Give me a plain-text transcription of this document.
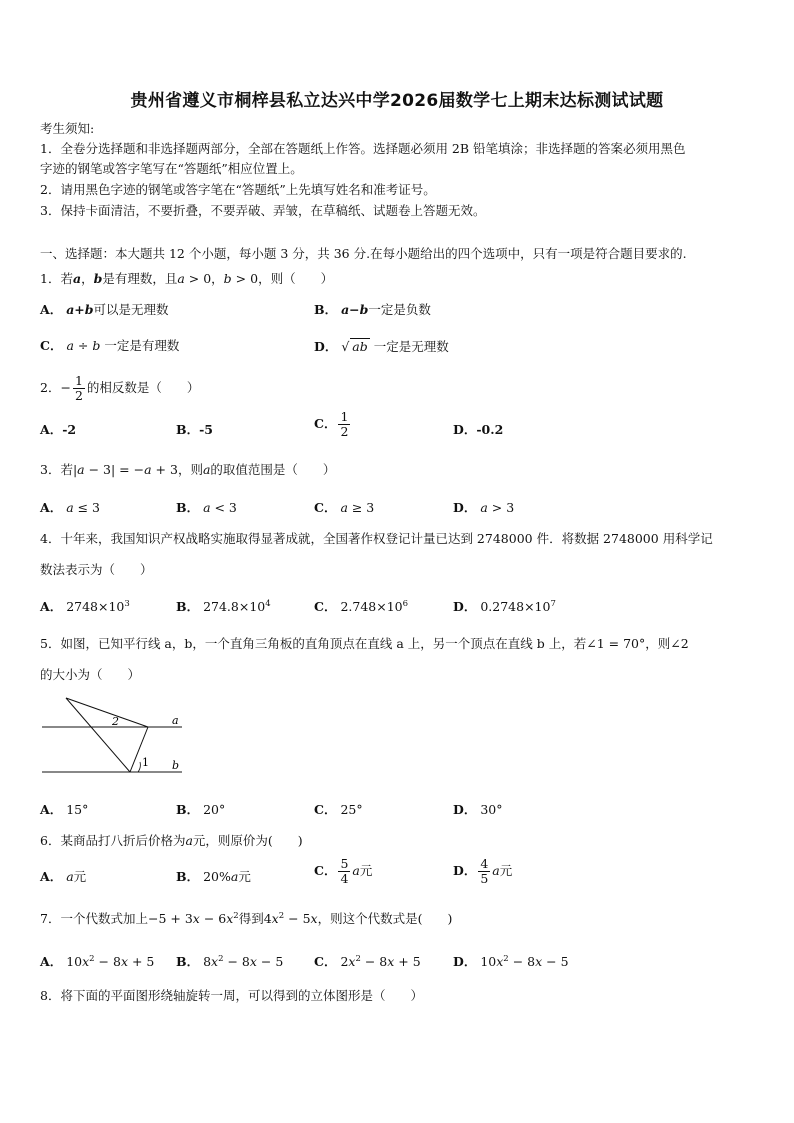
贵州省遵义市桐梓县私立达兴中学2026届数学七上期末达标测试试题
考生须知:
1．全卷分选择题和非选择题两部分，全部在答题纸上作答。选择题必须用 2B 铅笔填涂；非选择题的答案必须用黑色
字迹的钢笔或答字笔写在“答题纸”相应位置上。
2．请用黑色字迹的钢笔或答字笔在“答题纸”上先填写姓名和准考证号。
3．保持卡面清洁，不要折叠，不要弄破、弄皱，在草稿纸、试题卷上答题无效。
一、选择题：本大题共 12 个小题，每小题 3 分，共 36 分.在每小题给出的四个选项中，只有一项是符合题目要求的.
1．若a，b是有理数，且a > 0，b > 0，则（　　）
A． a+b可以是无理数	B． a−b一定是负数
C． a ÷ b 一定是有理数	D． √ ab 一定是无理数
2．− $\frac{1}{2}$ 的相反数是（　　）
A．-2	B．-5	C． $\frac{1}{2}$	D．-0.2
3．若|a − 3| = −a + 3，则a的取值范围是（　　）
A． a ≤ 3	B． a < 3	C． a ≥ 3	D． a > 3
4．十年来，我国知识产权战略实施取得显著成就，全国著作权登记计量已达到 2748000 件．将数据 2748000 用科学记
数法表示为（　　）
A． $2748\times 10^3$	B． $274.8\times 10^4$	C． $2.748\times 10^6$	D． $0.2748\times 10^7$
5．如图，已知平行线 a，b，一个直角三角板的直角顶点在直线 a 上，另一个顶点在直线 b 上，若∠1 = 70°，则∠2
的大小为（　　）
2
1
a
b
A． 15°	B． 20°	C． 25°	D． 30°
6．某商品打八折后价格为a元，则原价为(　　)
A． a元	B． 20%a元	C． $\frac{5}{4}$ a元	D． $\frac{4}{5}$ a元
7．一个代数式加上$-5 + 3x - 6x^2$得到$4x^2 - 5x$，则这个代数式是(　　)
A． $10x^2 - 8x + 5$ B． $8x^2 - 8x - 5$ C． $2x^2 - 8x + 5$	D． $10x^2 - 8x - 5$
8．将下面的平面图形绕轴旋转一周，可以得到的立体图形是（　　）
